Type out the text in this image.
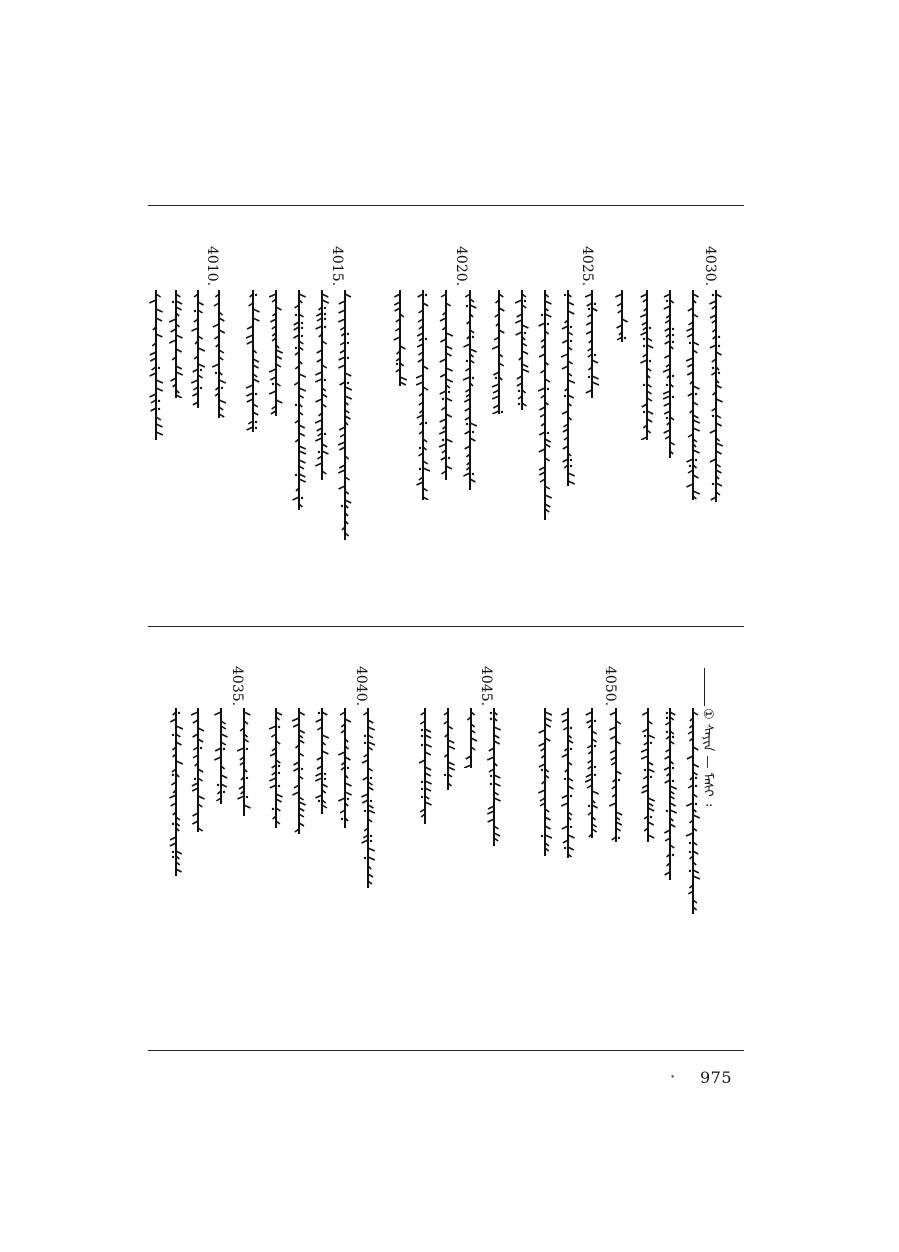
4030.
4025.
4020.
4015.
4010.
4050.
4045.
4040.
4035.
① ᠰᠠᠶᠢᠨ — ᠮᠠᠰᠢ ᠄
• 975
